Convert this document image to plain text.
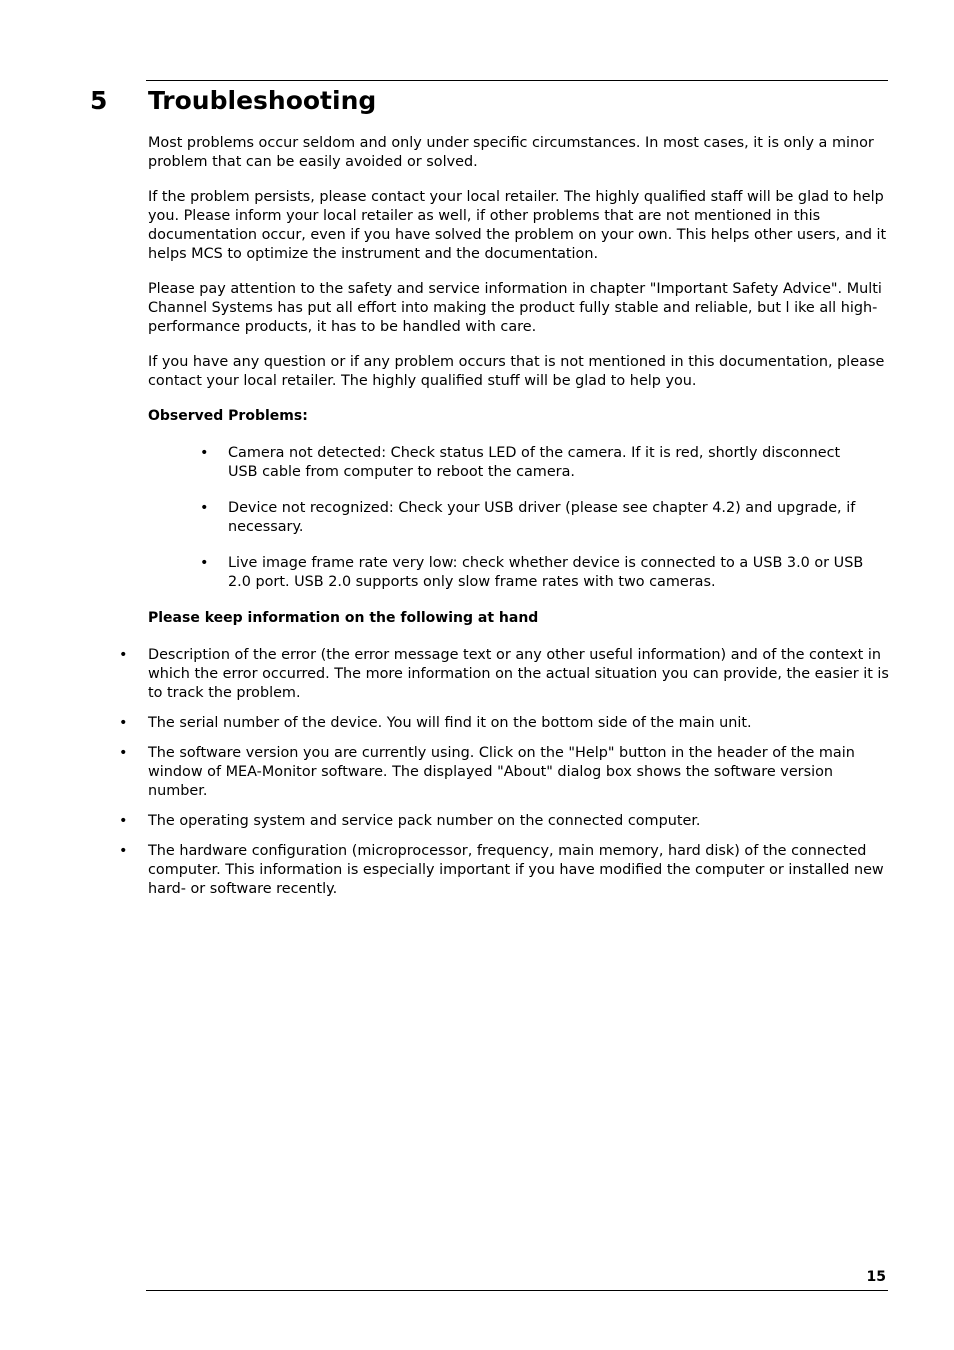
5 Troubleshooting

Most problems occur seldom and only under specific circumstances. In most cases, it is only a minor problem that can be easily avoided or solved.

If the problem persists, please contact your local retailer. The highly qualified staff will be glad to help you. Please inform your local retailer as well, if other problems that are not mentioned in this documentation occur, even if you have solved the problem on your own. This helps other users, and it helps MCS to optimize the instrument and the documentation.

Please pay attention to the safety and service information in chapter "Important Safety Advice". Multi Channel Systems has put all effort into making the product fully stable and reliable, but l ike all high-performance products, it has to be handled with care.

If you have any question or if any problem occurs that is not mentioned in this documentation, please contact your local retailer. The highly qualified stuff will be glad to help you.

Observed Problems:
• Camera not detected: Check status LED of the camera. If it is red, shortly disconnect USB cable from computer to reboot the camera.
• Device not recognized: Check your USB driver (please see chapter 4.2) and upgrade, if necessary.
• Live image frame rate very low: check whether device is connected to a USB 3.0 or USB 2.0 port. USB 2.0 supports only slow frame rates with two cameras.
Please keep information on the following at hand
• Description of the error (the error message text or any other useful information) and of the context in which the error occurred. The more information on the actual situation you can provide, the easier it is to track the problem.
• The serial number of the device. You will find it on the bottom side of the main unit.
• The software version you are currently using. Click on the "Help" button in the header of the main window of MEA-Monitor software. The displayed "About" dialog box shows the software version number.
• The operating system and service pack number on the connected computer.
• The hardware configuration (microprocessor, frequency, main memory, hard disk) of the connected computer. This information is especially important if you have modified the computer or installed new hard- or software recently.
15
